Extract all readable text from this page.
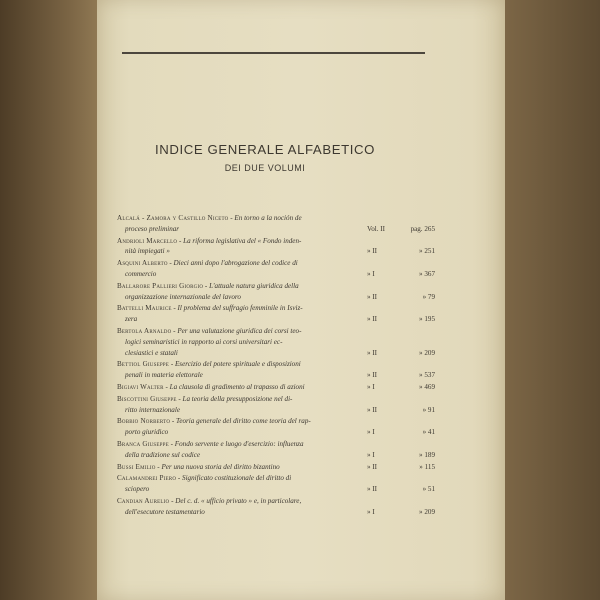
INDICE GENERALE ALFABETICO
DEI DUE VOLUMI
Alcalá - Zamora y Castillo Niceto - En torno a la noción de
proceso preliminar	Vol. II	pag. 265
Andrioli Marcello - La riforma legislativa del « Fondo inden-
nità impiegati »	» II	» 251
Asquini Alberto - Dieci anni dopo l'abrogazione del codice di
commercio	» I	» 367
Ballarore Pallieri Giorgio - L'attuale natura giuridica della
organizzazione internazionale del lavoro	» II	» 79
Battelli Maurice - Il problema del suffragio femminile in Isviz-
zera	» II	» 195
Bertola Arnaldo - Per una valutazione giuridica dei corsi teo-
logici seminaristici in rapporto ai corsi universitari ec-
clesiastici e statali	» II	» 209
Bettiol Giuseppe - Esercizio del potere spirituale e disposizioni
penali in materia elettorale	» II	» 537
Bigiavi Walter - La clausola di gradimento al trapasso di azioni	» I	» 469
Biscottini Giuseppe - La teoria della presupposizione nel di-
ritto internazionale	» II	» 91
Bobbio Norberto - Teoria generale del diritto come teoria del rap-
porto giuridico	» I	» 41
Branca Giuseppe - Fondo servente e luogo d'esercizio: influenza
della tradizione sul codice	» I	» 189
Bussi Emilio - Per una nuova storia del diritto bizantino	» II	» 115
Calamandrei Piero - Significato costituzionale del diritto di
sciopero	» II	» 51
Candian Aurelio - Del c. d. « ufficio privato » e, in particolare,
dell'esecutore testamentario	» I	» 209
